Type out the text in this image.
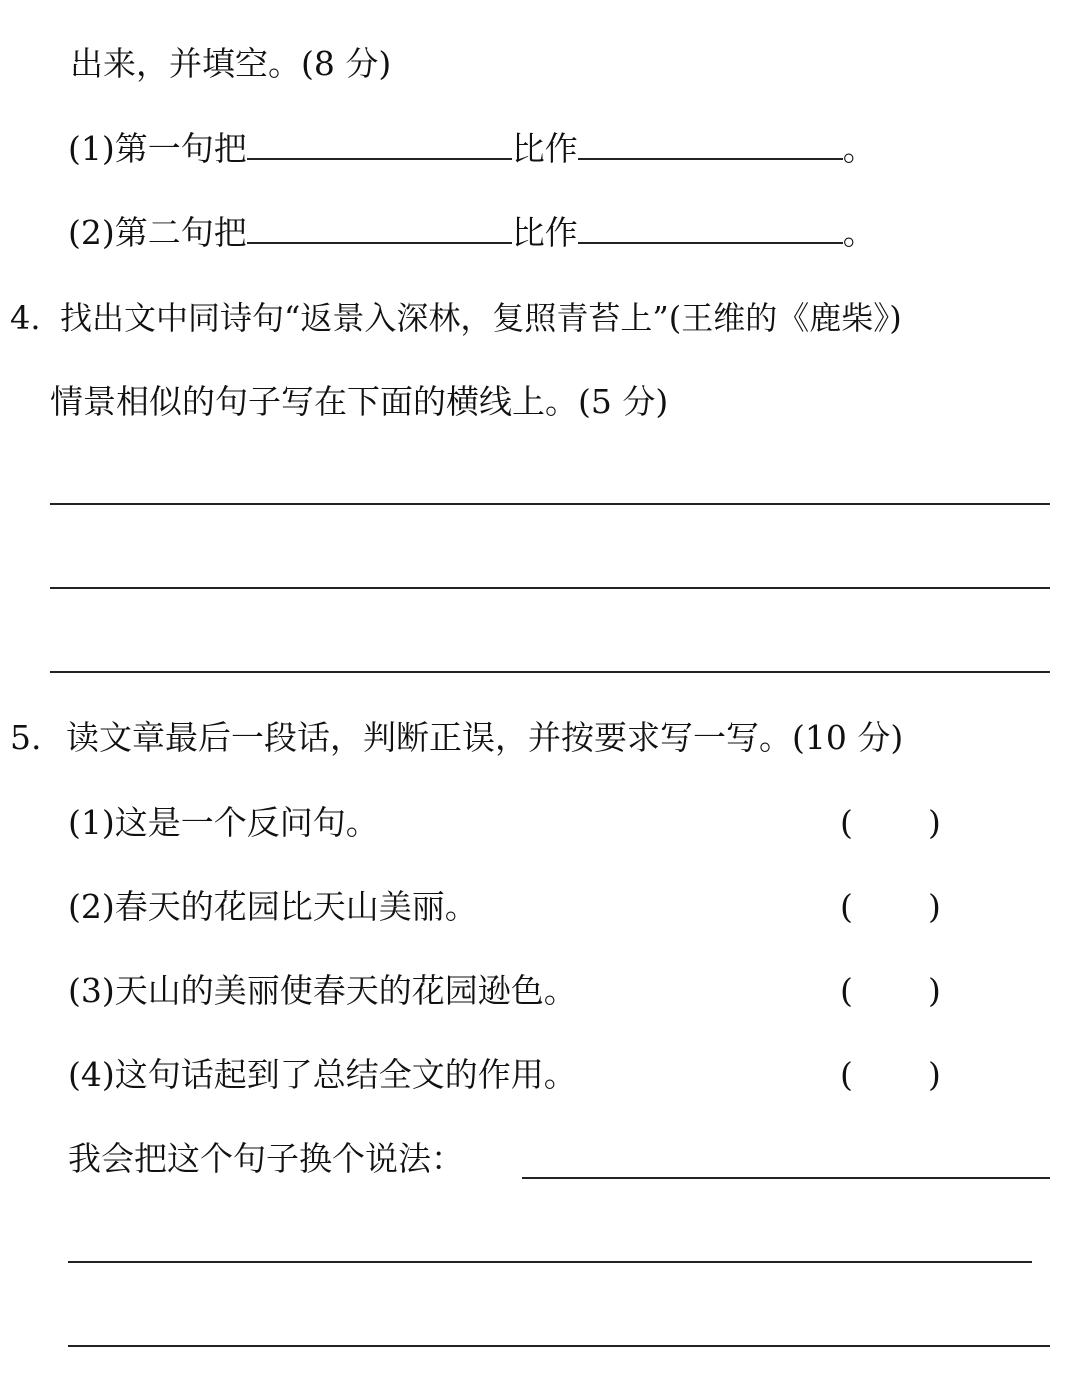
出来，并填空。(8 分)
(1)第一句把	比作	。
(2)第二句把	比作	。
4. 找出文中同诗句“返景入深林，复照青苔上”(王维的《鹿柴》)
情景相似的句子写在下面的横线上。(5 分)
5. 读文章最后一段话，判断正误，并按要求写一写。(10 分)
(1)这是一个反问句。	( )
(2)春天的花园比天山美丽。	( )
(3)天山的美丽使春天的花园逊色。	( )
(4)这句话起到了总结全文的作用。	( )
我会把这个句子换个说法：
